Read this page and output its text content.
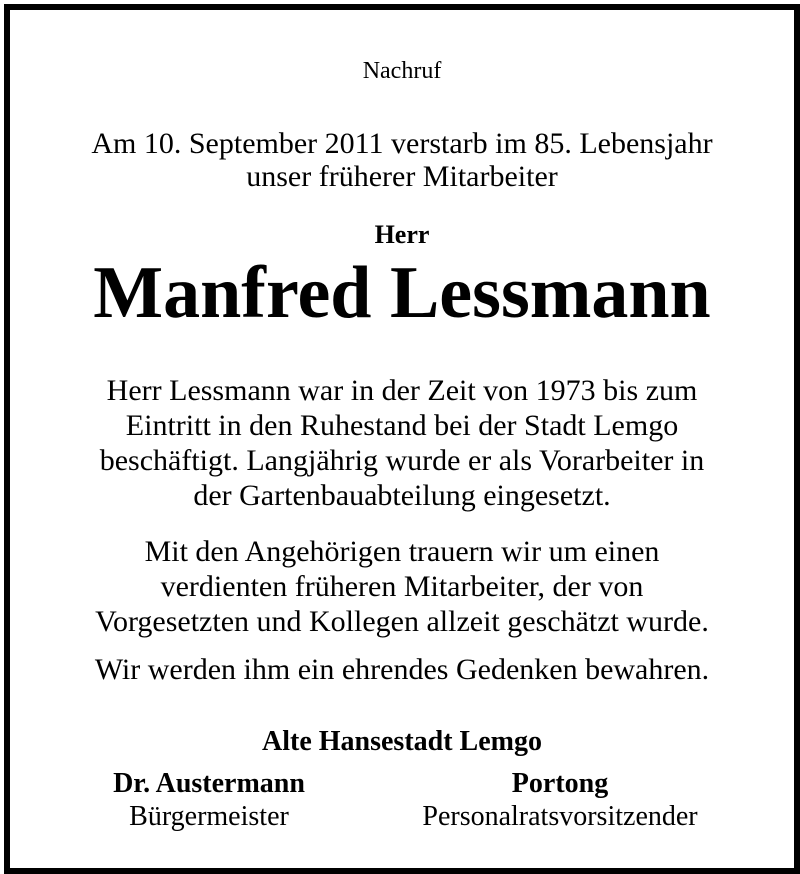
Nachruf
Am 10. September 2011 verstarb im 85. Lebensjahr
unser früherer Mitarbeiter
Herr
Manfred Lessmann
Herr Lessmann war in der Zeit von 1973 bis zum
Eintritt in den Ruhestand bei der Stadt Lemgo
beschäftigt. Langjährig wurde er als Vorarbeiter in
der Gartenbauabteilung eingesetzt.
Mit den Angehörigen trauern wir um einen
verdienten früheren Mitarbeiter, der von
Vorgesetzten und Kollegen allzeit geschätzt wurde.
Wir werden ihm ein ehrendes Gedenken bewahren.
Alte Hansestadt Lemgo
Dr. Austermann
Bürgermeister
Portong
Personalratsvorsitzender
